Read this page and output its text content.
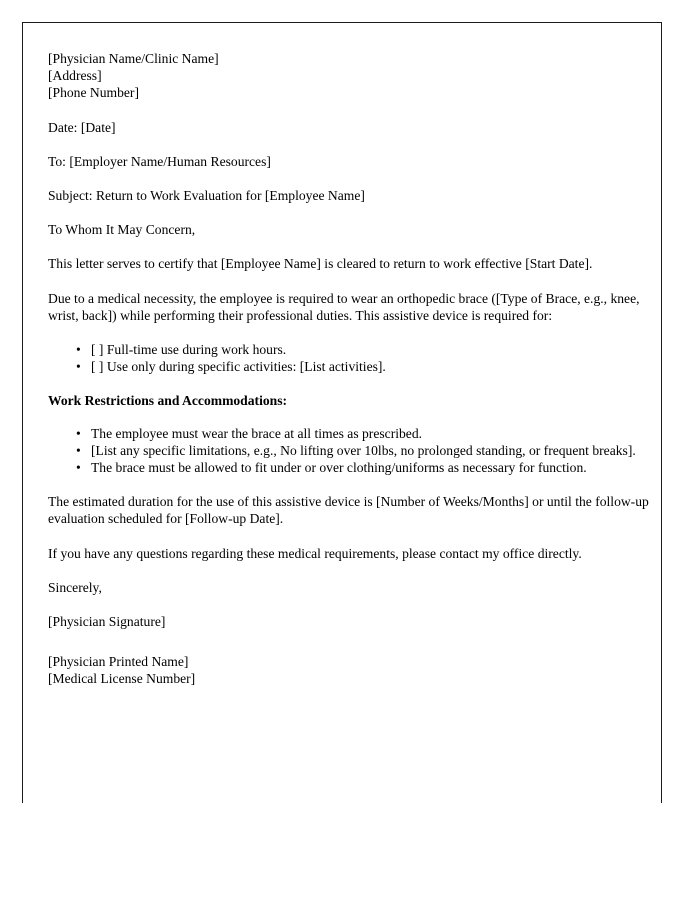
[Physician Name/Clinic Name]
[Address]
[Phone Number]
Date: [Date]
To: [Employer Name/Human Resources]
Subject: Return to Work Evaluation for [Employee Name]
To Whom It May Concern,
This letter serves to certify that [Employee Name] is cleared to return to work effective [Start Date].
Due to a medical necessity, the employee is required to wear an orthopedic brace ([Type of Brace, e.g., knee, wrist, back]) while performing their professional duties. This assistive device is required for:
• [ ] Full-time use during work hours.
• [ ] Use only during specific activities: [List activities].
Work Restrictions and Accommodations:
• The employee must wear the brace at all times as prescribed.
• [List any specific limitations, e.g., No lifting over 10lbs, no prolonged standing, or frequent breaks].
• The brace must be allowed to fit under or over clothing/uniforms as necessary for function.
The estimated duration for the use of this assistive device is [Number of Weeks/Months] or until the follow-up evaluation scheduled for [Follow-up Date].
If you have any questions regarding these medical requirements, please contact my office directly.
Sincerely,
[Physician Signature]
[Physician Printed Name]
[Medical License Number]
